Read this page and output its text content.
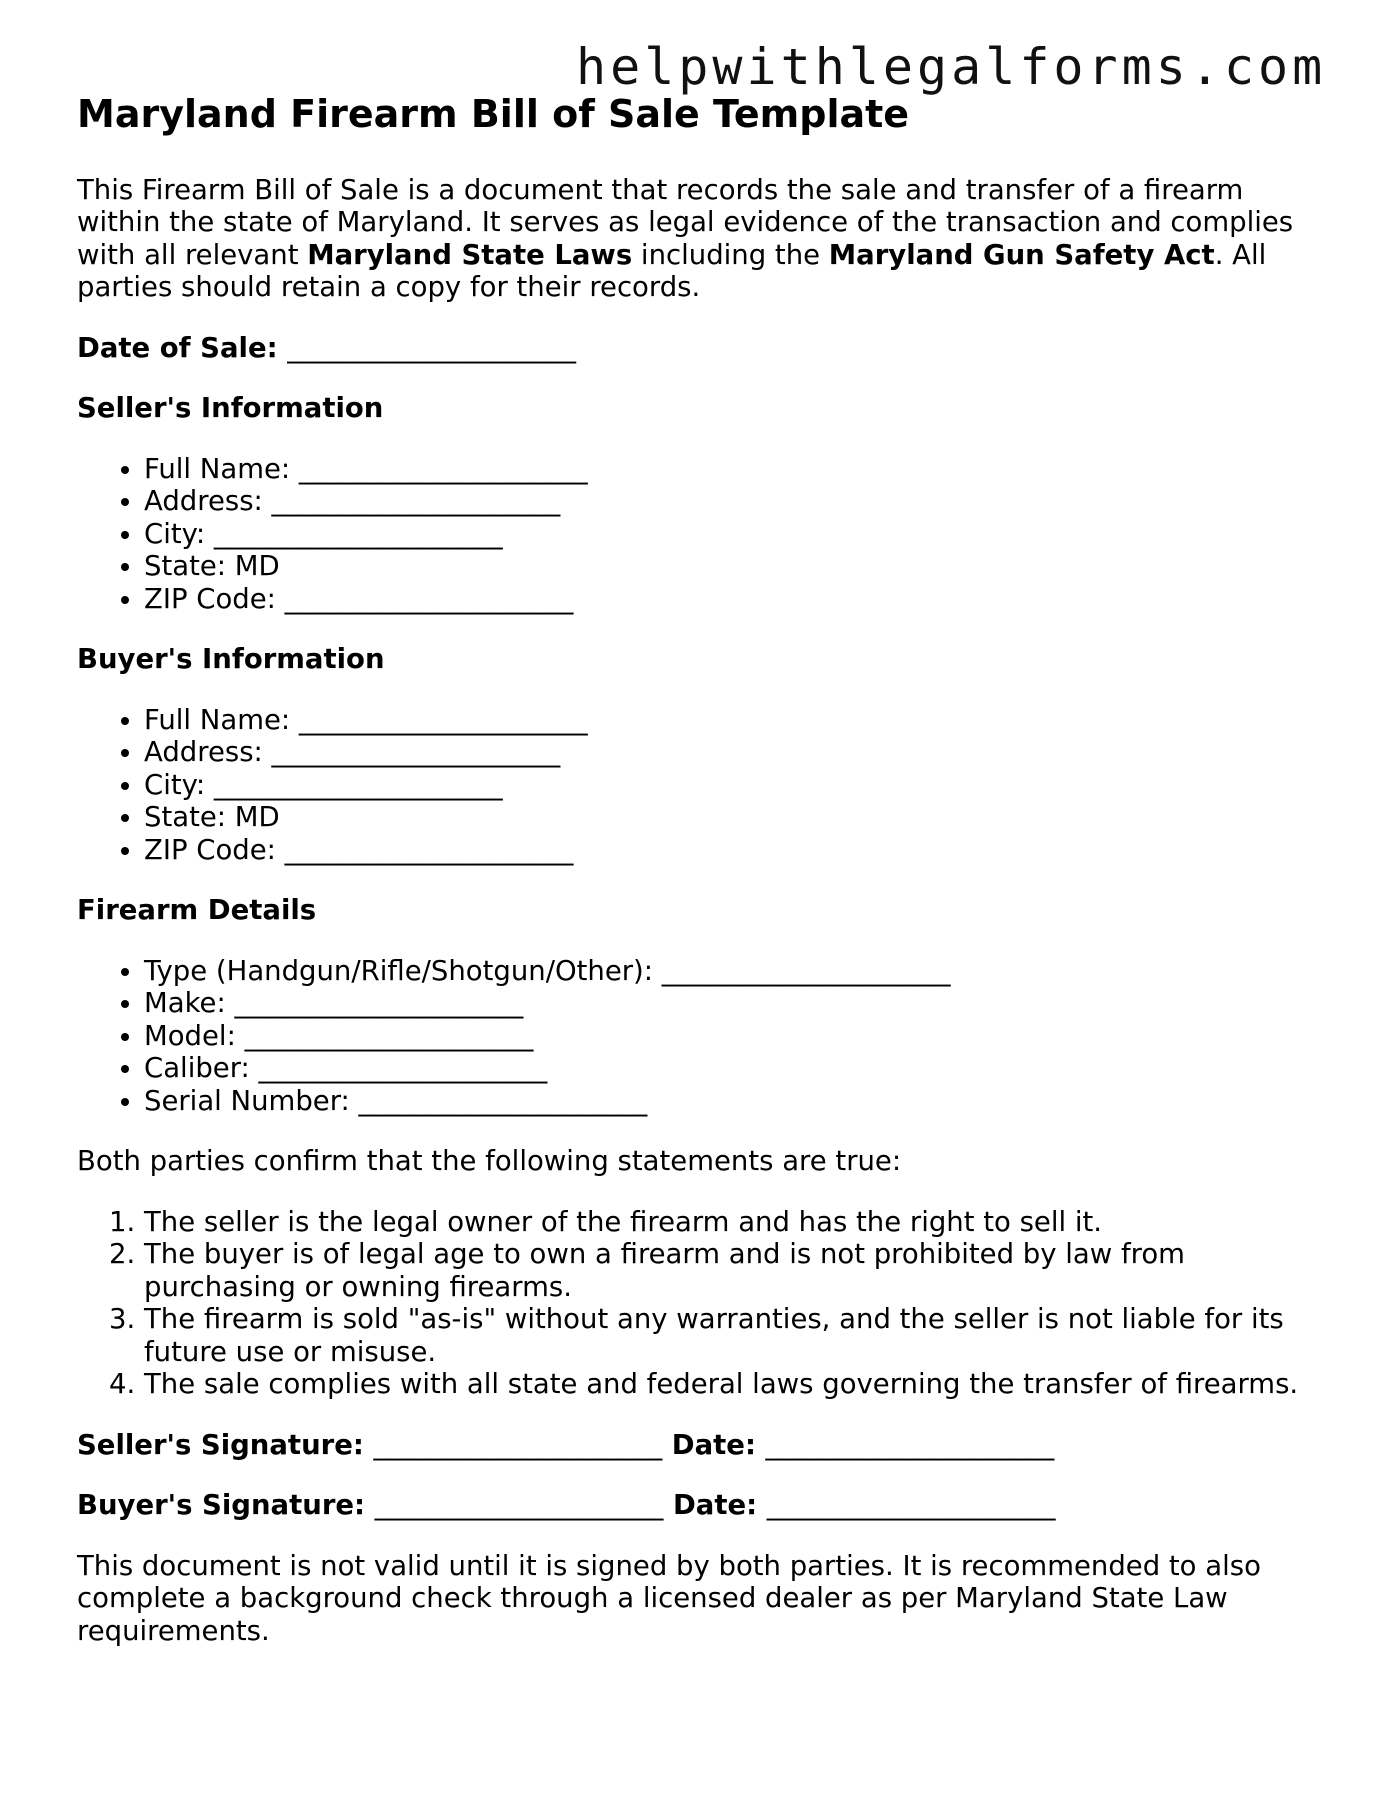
helpwithlegalforms.com
Maryland Firearm Bill of Sale Template

This Firearm Bill of Sale is a document that records the sale and transfer of a firearm within the state of Maryland. It serves as legal evidence of the transaction and complies with all relevant Maryland State Laws including the Maryland Gun Safety Act. All parties should retain a copy for their records.

Date of Sale: _____________________
Seller's Information
• Full Name: _____________________
• Address: _____________________
• City: _____________________
• State: MD
• ZIP Code: _____________________
Buyer's Information
• Full Name: _____________________
• Address: _____________________
• City: _____________________
• State: MD
• ZIP Code: _____________________
Firearm Details
• Type (Handgun/Rifle/Shotgun/Other): _____________________
• Make: _____________________
• Model: _____________________
• Caliber: _____________________
• Serial Number: _____________________

Both parties confirm that the following statements are true:

1. The seller is the legal owner of the firearm and has the right to sell it.
2. The buyer is of legal age to own a firearm and is not prohibited by law from purchasing or owning firearms.
3. The firearm is sold "as-is" without any warranties, and the seller is not liable for its future use or misuse.
4. The sale complies with all state and federal laws governing the transfer of firearms.
Seller's Signature: _____________________ Date: _____________________
Buyer's Signature: _____________________ Date: _____________________

This document is not valid until it is signed by both parties. It is recommended to also complete a background check through a licensed dealer as per Maryland State Law requirements.
